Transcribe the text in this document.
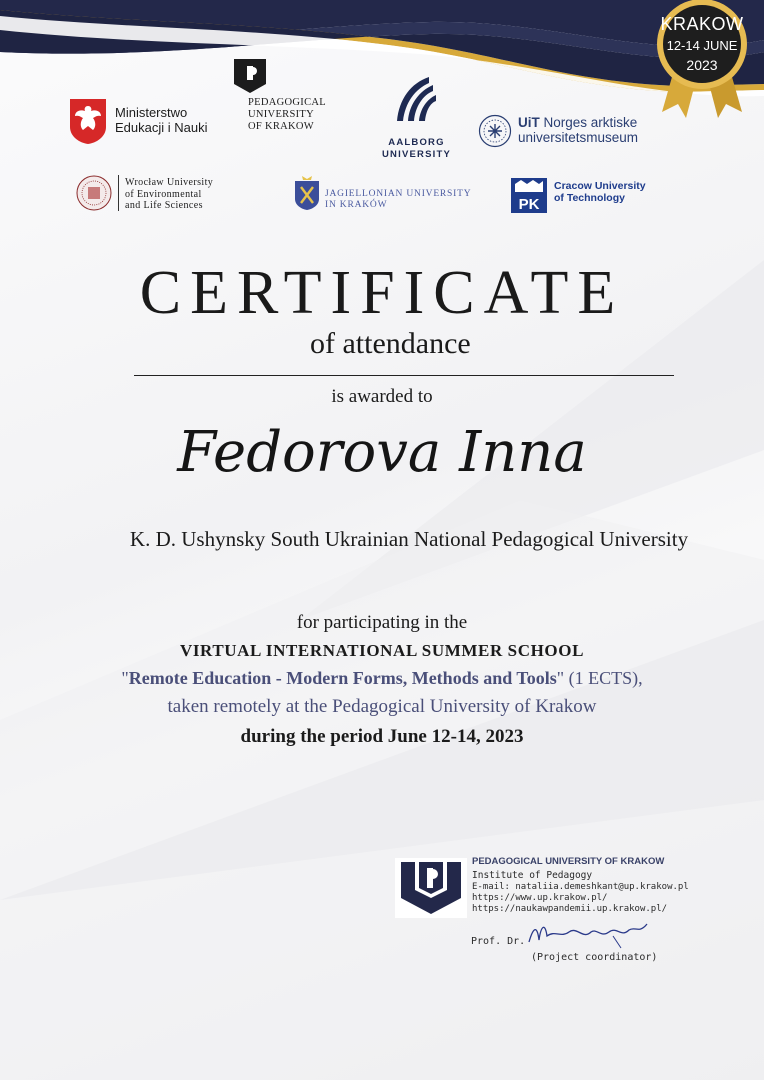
KRAKOW
12-14 JUNE
2023
Ministerstwo
Edukacji i Nauki
PEDAGOGICAL
UNIVERSITY
OF KRAKOW
AALBORG
UNIVERSITY
UiT Norges arktiske
universitetsmuseum
Wrocław University
of Environmental
and Life Sciences
JAGIELLONIAN UNIVERSITY
IN KRAKÓW	PK
Cracow University
of Technology
CERTIFICATE
of attendance
is awarded to
Fedorova Inna
K. D. Ushynsky South Ukrainian National Pedagogical University
for participating in the
VIRTUAL INTERNATIONAL SUMMER SCHOOL
"Remote Education - Modern Forms, Methods and Tools" (1 ECTS),
taken remotely at the Pedagogical University of Krakow
during the period June 12-14, 2023
PEDAGOGICAL UNIVERSITY OF KRAKOW
Institute of Pedagogy
E-mail: nataliia.demeshkant@up.krakow.pl
https://www.up.krakow.pl/
https://naukawpandemii.up.krakow.pl/
Prof. Dr.
(Project coordinator)
